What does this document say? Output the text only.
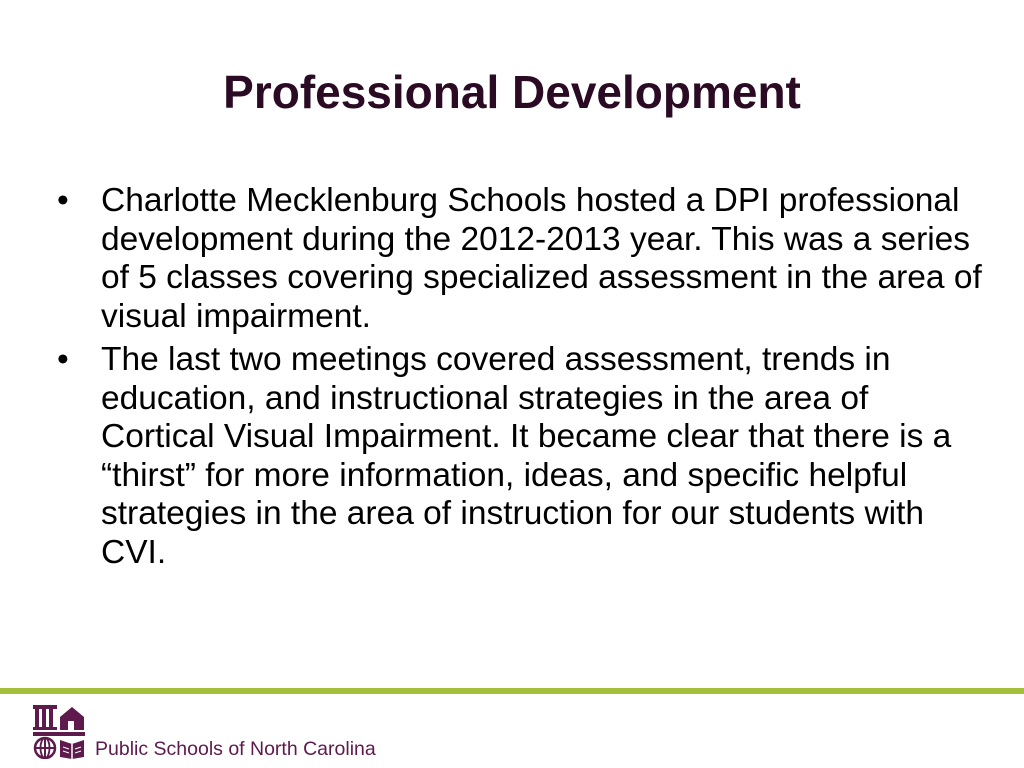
Professional Development
• Charlotte Mecklenburg Schools hosted a DPI professional development during the 2012-2013 year. This was a series of 5 classes covering specialized assessment in the area of visual impairment.
• The last two meetings covered assessment, trends in education, and instructional strategies in the area of Cortical Visual Impairment. It became clear that there is a “thirst” for more information, ideas, and specific helpful strategies in the area of instruction for our students with CVI.
Public Schools of North Carolina
